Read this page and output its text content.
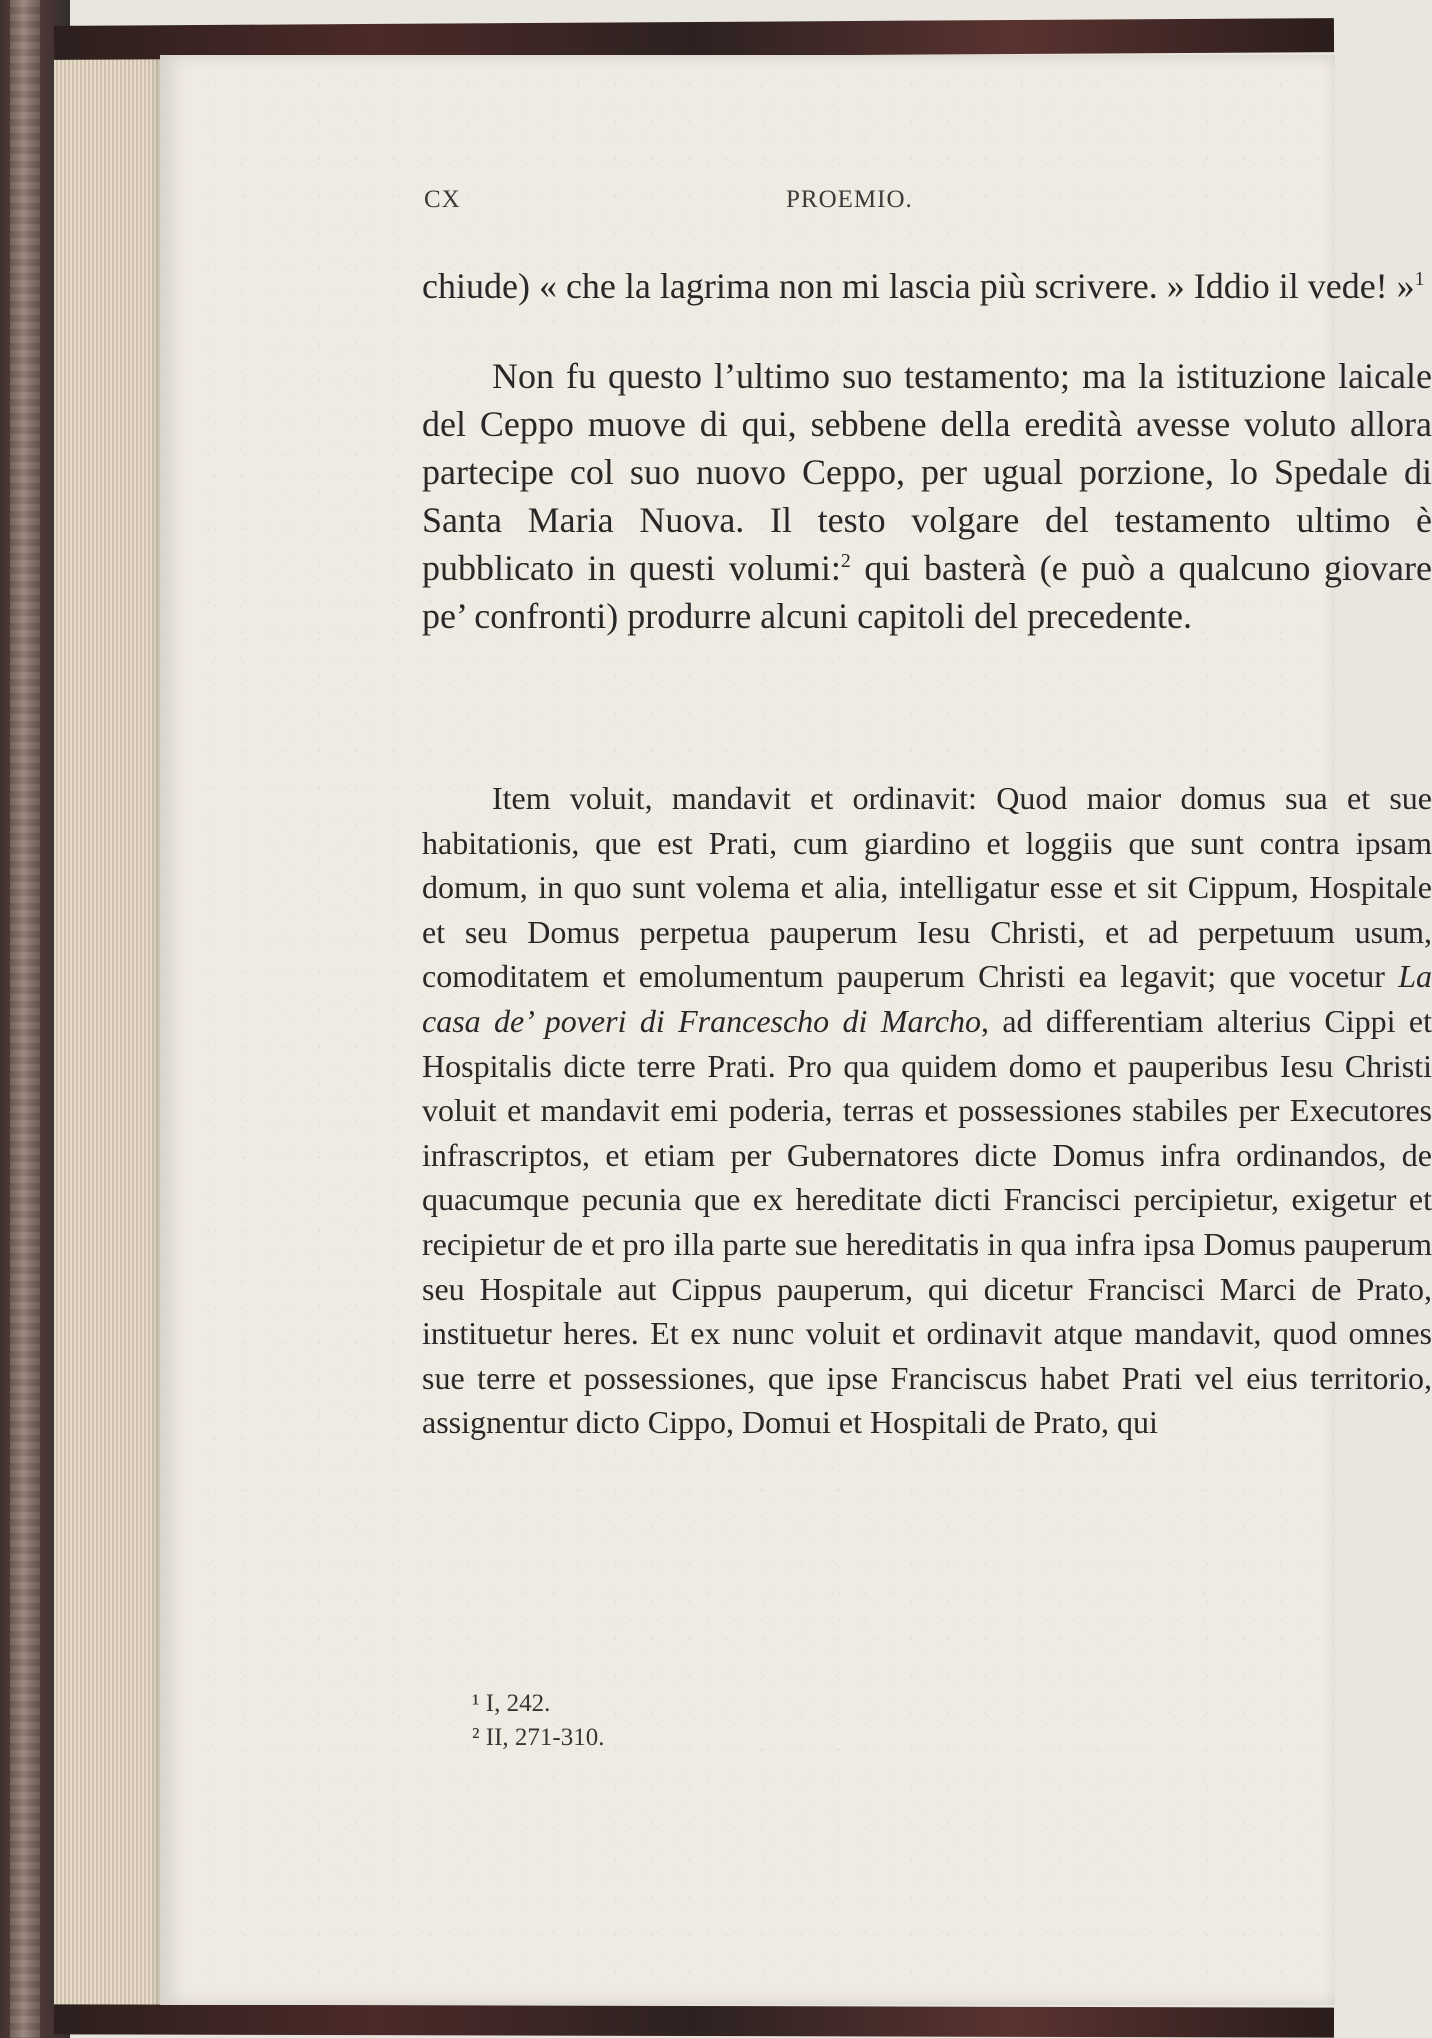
CX	PROEMIO.

chiude) « che la lagrima non mi lascia più scrivere. » Iddio il vede! »$^1$

Non fu questo l’ultimo suo testamento; ma la istituzione laicale del Ceppo muove di qui, sebbene della eredità avesse voluto allora partecipe col suo nuovo Ceppo, per ugual porzione, lo Spedale di Santa Maria Nuova. Il testo volgare del testamento ultimo è pubblicato in questi volumi:$^2$ qui basterà (e può a qualcuno giovare pe’ confronti) produrre alcuni capitoli del precedente.

Item voluit, mandavit et ordinavit: Quod maior domus sua et sue habitationis, que est Prati, cum giardino et loggiis que sunt contra ipsam domum, in quo sunt volema et alia, intelligatur esse et sit Cippum, Hospitale et seu Domus perpetua pauperum Iesu Christi, et ad perpetuum usum, comoditatem et emolumentum pauperum Christi ea legavit; que vocetur La casa de’ poveri di Francescho di Marcho, ad differentiam alterius Cippi et Hospitalis dicte terre Prati. Pro qua quidem domo et pauperibus Iesu Christi voluit et mandavit emi poderia, terras et possessiones stabiles per Executores infrascriptos, et etiam per Gubernatores dicte Domus infra ordinandos, de quacumque pecunia que ex hereditate dicti Francisci percipietur, exigetur et recipietur de et pro illa parte sue hereditatis in qua infra ipsa Domus pauperum seu Hospitale aut Cippus pauperum, qui dicetur Francisci Marci de Prato, instituetur heres. Et ex nunc voluit et ordinavit atque mandavit, quod omnes sue terre et possessiones, que ipse Franciscus habet Prati vel eius territorio, assignentur dicto Cippo, Domui et Hospitali de Prato, qui

¹ I, 242.
² II, 271-310.
